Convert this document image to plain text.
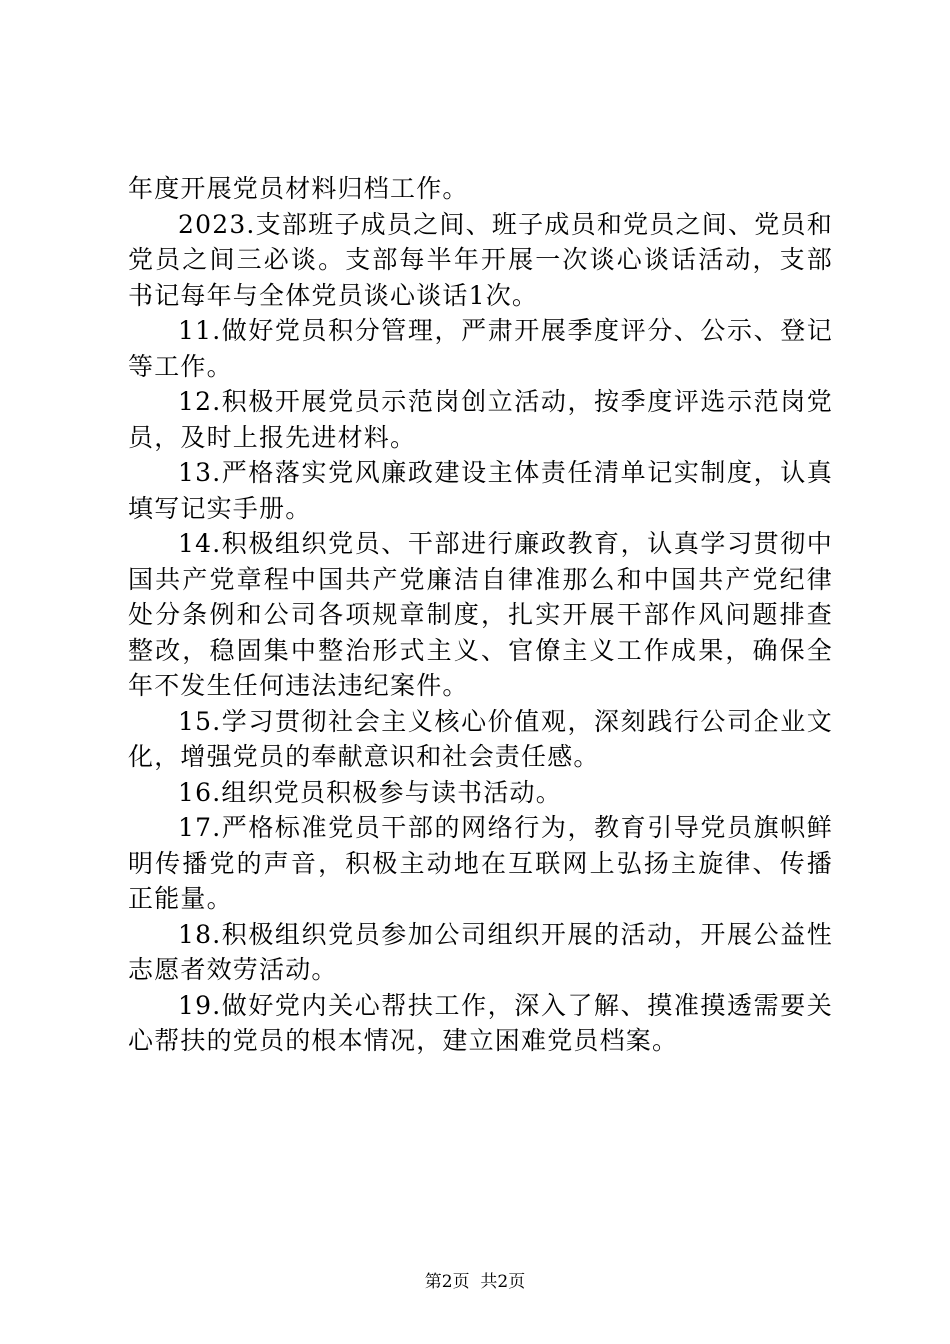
年度开展党员材料归档工作。

2023.支部班子成员之间、班子成员和党员之间、党员和党员之间三必谈。支部每半年开展一次谈心谈话活动，支部书记每年与全体党员谈心谈话1次。

11.做好党员积分管理，严肃开展季度评分、公示、登记等工作。

12.积极开展党员示范岗创立活动，按季度评选示范岗党员，及时上报先进材料。

13.严格落实党风廉政建设主体责任清单记实制度，认真填写记实手册。

14.积极组织党员、干部进行廉政教育，认真学习贯彻中国共产党章程中国共产党廉洁自律准那么和中国共产党纪律处分条例和公司各项规章制度，扎实开展干部作风问题排查整改，稳固集中整治形式主义、官僚主义工作成果，确保全年不发生任何违法违纪案件。

15.学习贯彻社会主义核心价值观，深刻践行公司企业文化，增强党员的奉献意识和社会责任感。

16.组织党员积极参与读书活动。

17.严格标准党员干部的网络行为，教育引导党员旗帜鲜明传播党的声音，积极主动地在互联网上弘扬主旋律、传播正能量。

18.积极组织党员参加公司组织开展的活动，开展公益性志愿者效劳活动。

19.做好党内关心帮扶工作，深入了解、摸准摸透需要关心帮扶的党员的根本情况，建立困难党员档案。

第2页 共2页
